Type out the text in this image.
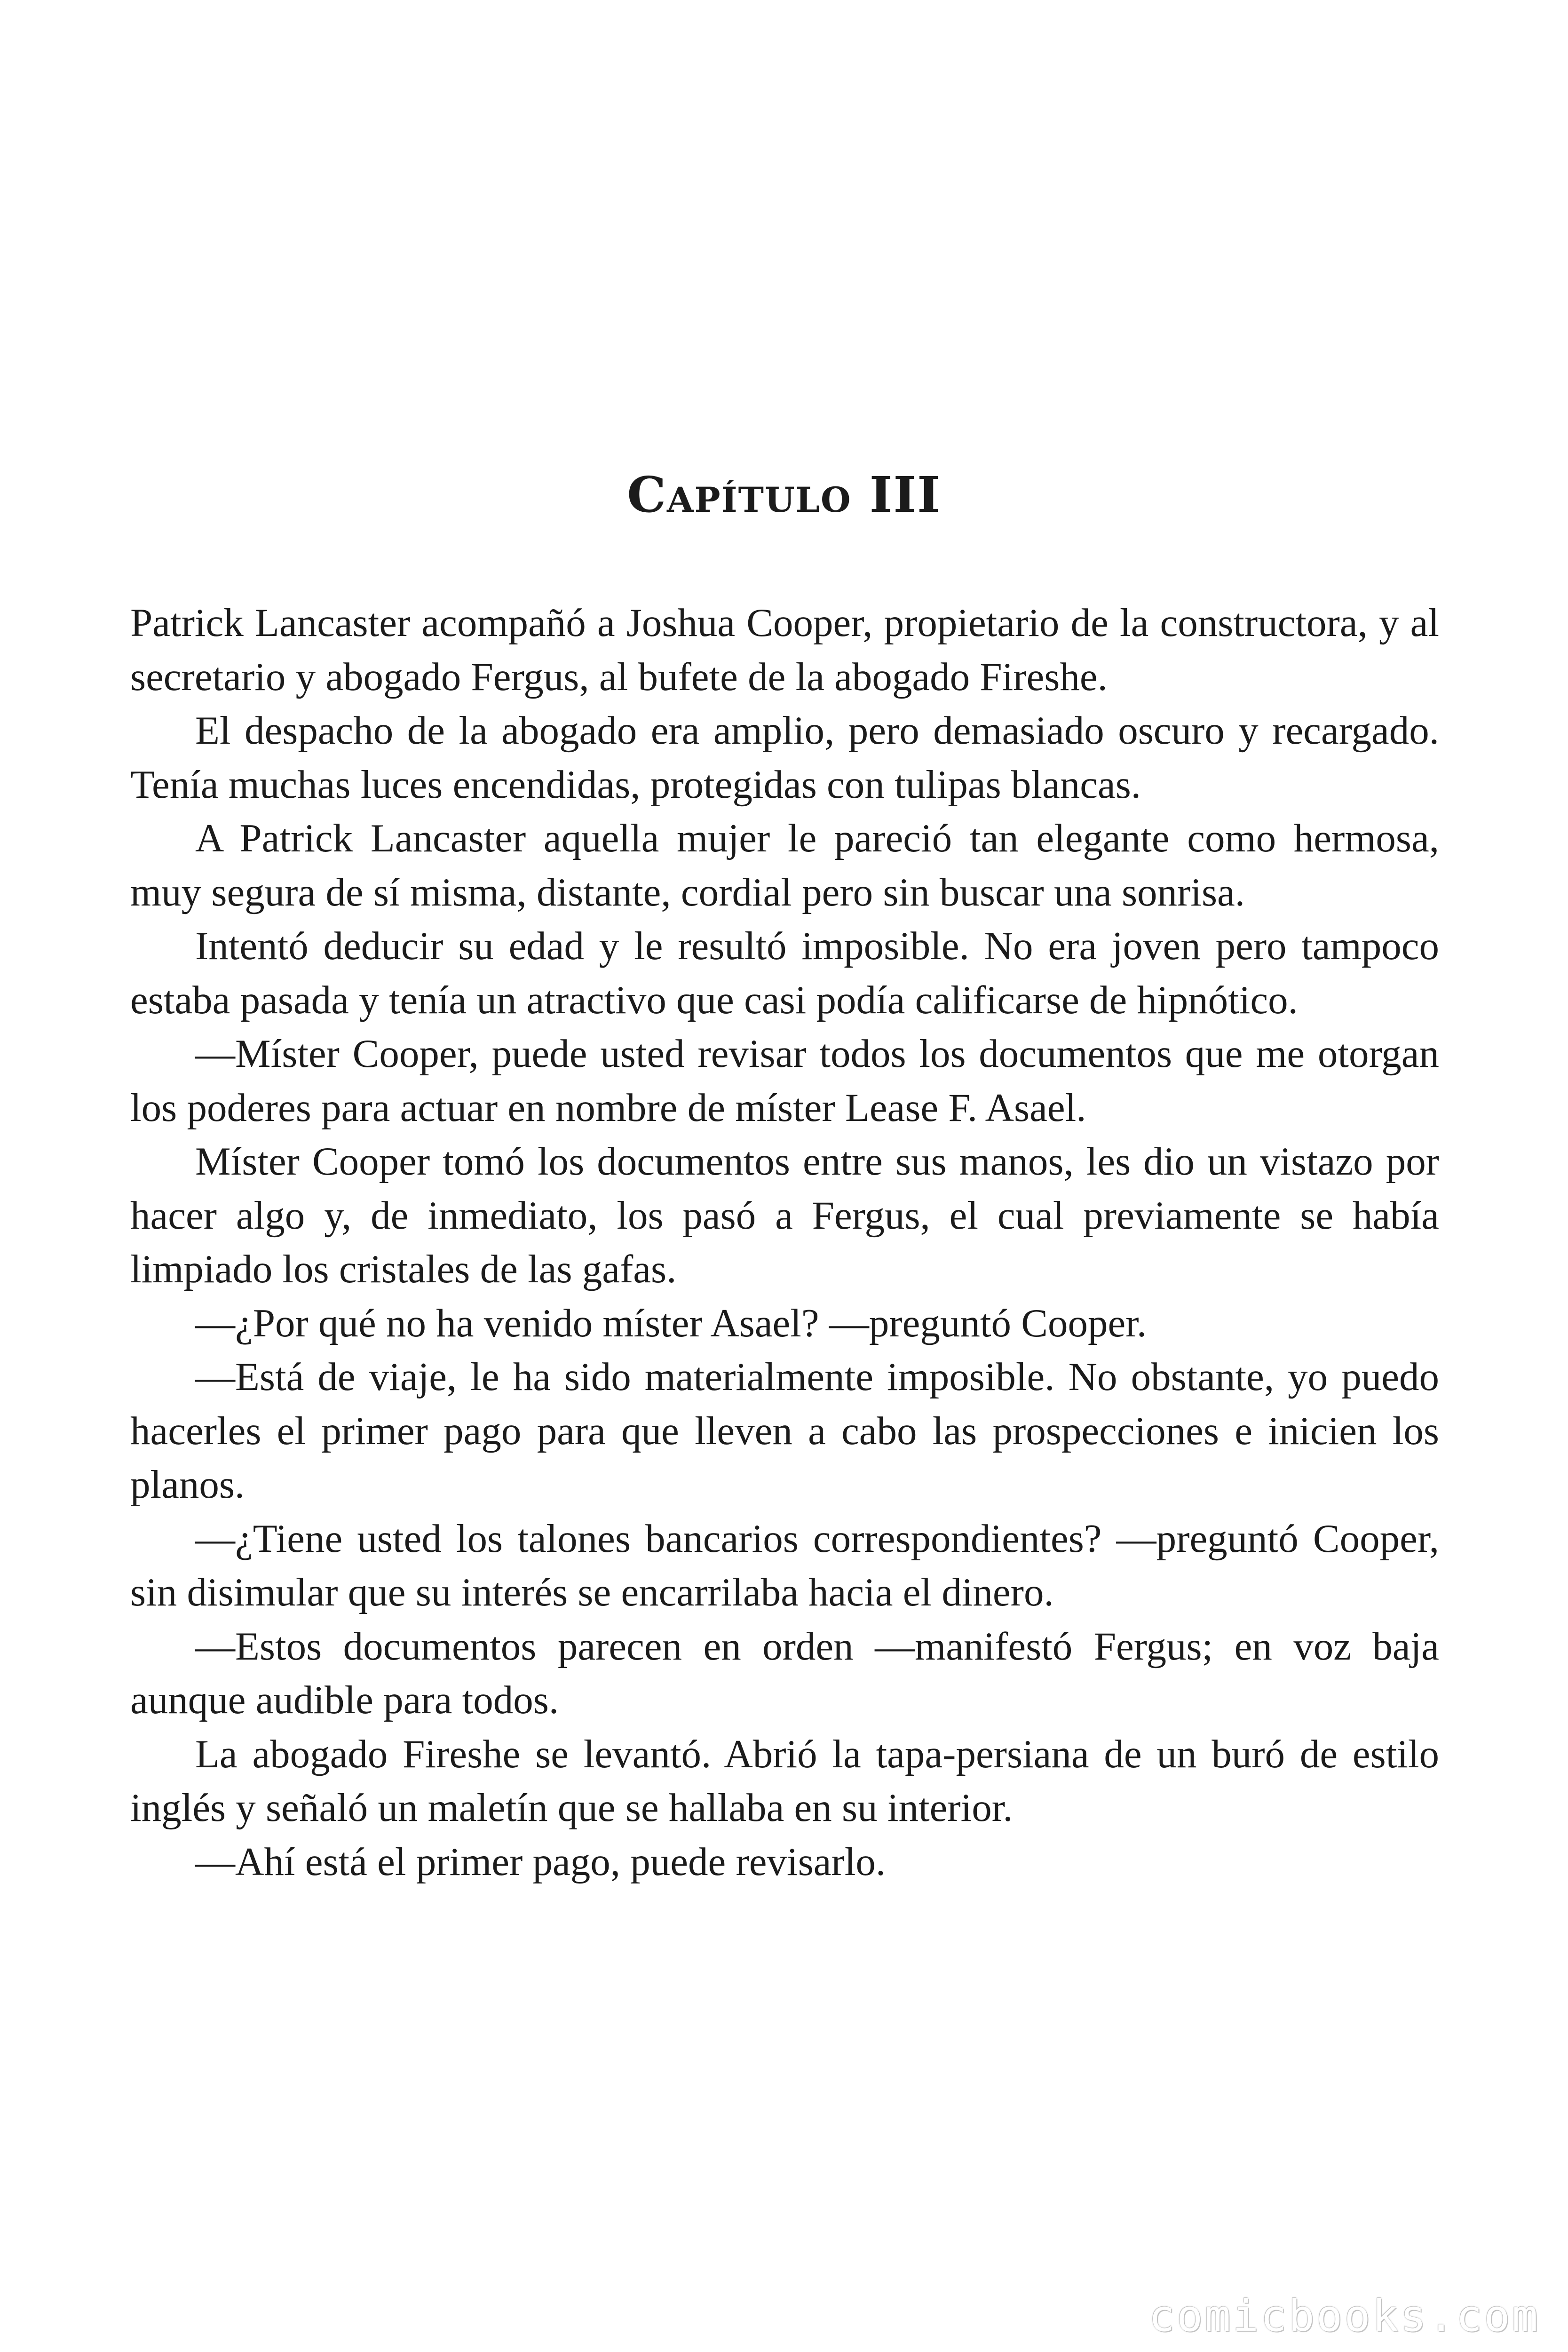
Capítulo III

Patrick Lancaster acompañó a Joshua Cooper, propietario de la constructora, y al secretario y abogado Fergus, al bufete de la abogado Fireshe.

El despacho de la abogado era amplio, pero demasiado oscuro y recargado. Tenía muchas luces encendidas, protegidas con tulipas blancas.

A Patrick Lancaster aquella mujer le pareció tan elegante como hermosa, muy segura de sí misma, distante, cordial pero sin buscar una sonrisa.

Intentó deducir su edad y le resultó imposible. No era joven pero tampoco estaba pasada y tenía un atractivo que casi podía calificarse de hipnótico.

—Míster Cooper, puede usted revisar todos los documentos que me otorgan los poderes para actuar en nombre de míster Lease F. Asael.

Míster Cooper tomó los documentos entre sus manos, les dio un vistazo por hacer algo y, de inmediato, los pasó a Fergus, el cual previamente se había limpiado los cristales de las gafas.

—¿Por qué no ha venido míster Asael? —preguntó Cooper.

—Está de viaje, le ha sido materialmente imposible. No obstante, yo puedo hacerles el primer pago para que lleven a cabo las prospecciones e inicien los planos.

—¿Tiene usted los talones bancarios correspondientes? —preguntó Cooper, sin disimular que su interés se encarrilaba hacia el dinero.

—Estos documentos parecen en orden —manifestó Fergus; en voz baja aunque audible para todos.

La abogado Fireshe se levantó. Abrió la tapa-persiana de un buró de estilo inglés y señaló un maletín que se hallaba en su interior.

—Ahí está el primer pago, puede revisarlo.

comicbooks.com
